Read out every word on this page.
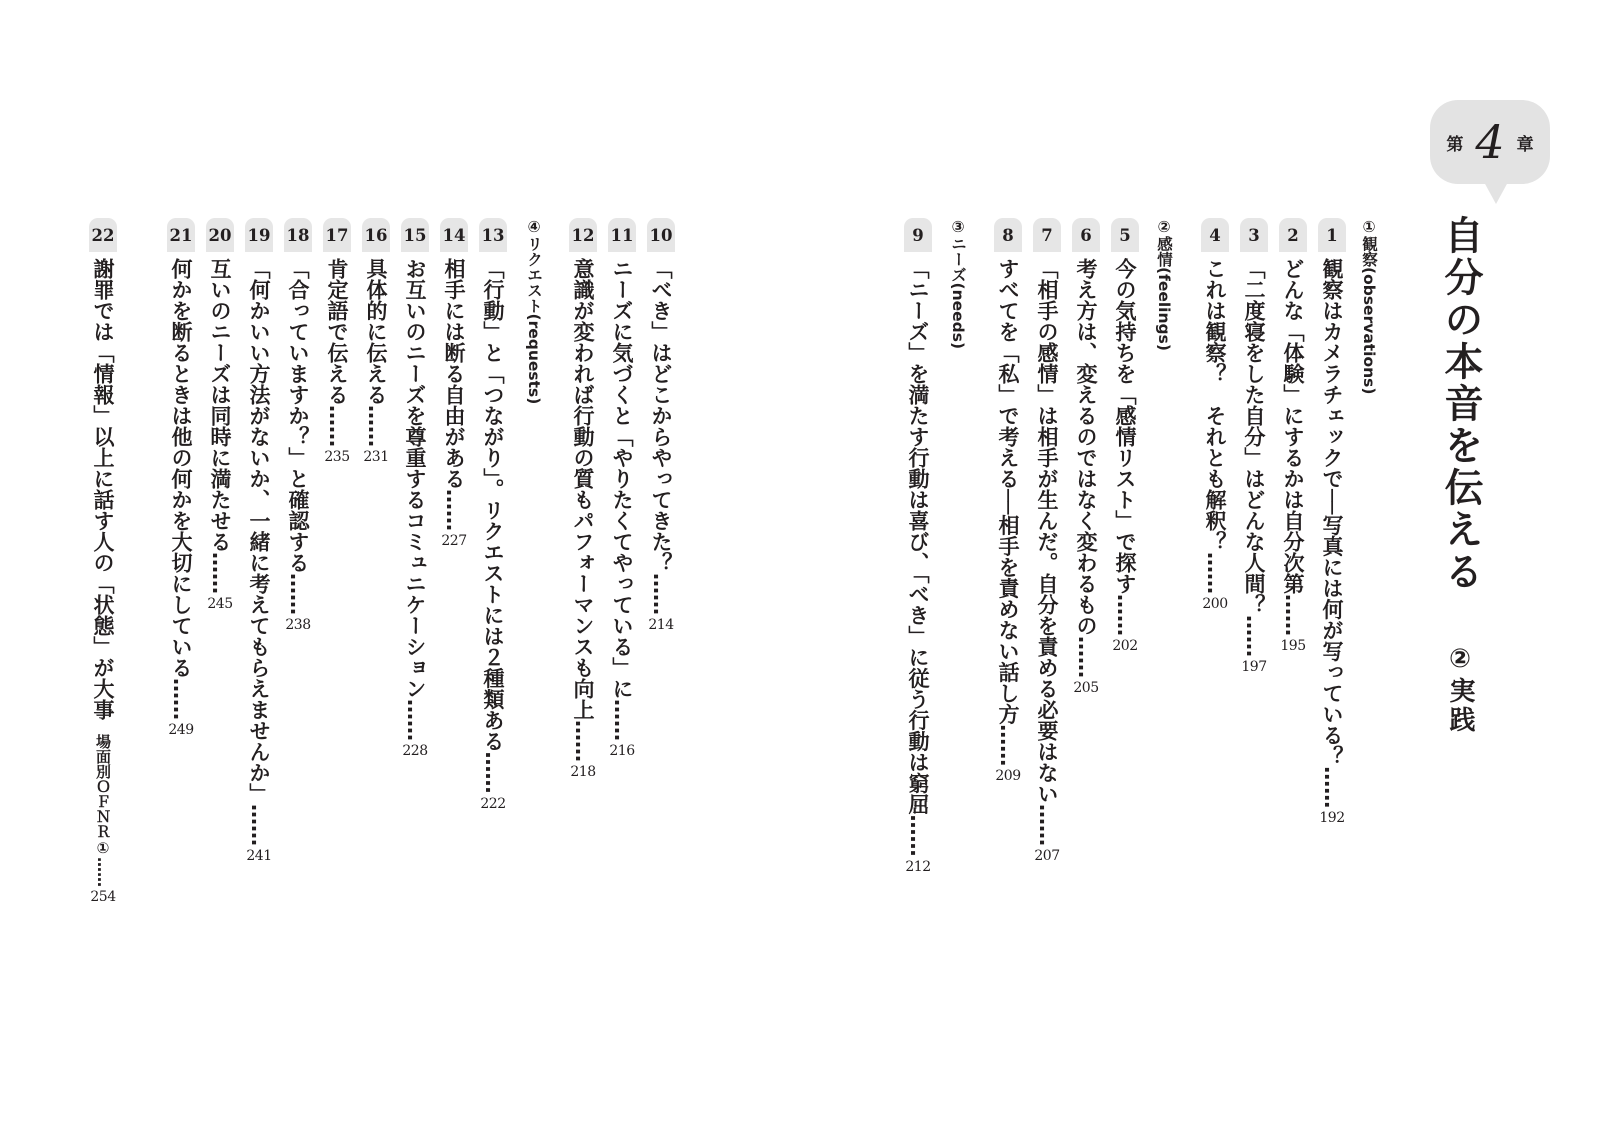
第 4 章
自分の本音を伝える  ②実践
①観察(observations)
②感情(feelings)
③ニーズ(needs)
④リクエスト(requests)	1
観察はカメラチェックで──写真には何が写っている？……
192
2
どんな「体験」にするかは自分次第……
195
3
「二度寝をした自分」はどんな人間？……
197
4
これは観察？　それとも解釈？……
200
5
今の気持ちを「感情リスト」で探す……
202
6
考え方は、変えるのではなく変わるもの……
205
7
「相手の感情」は相手が生んだ。自分を責める必要はない……
207
8
すべてを「私」で考える──相手を責めない話し方……
209
9
「ニーズ」を満たす行動は喜び、「べき」に従う行動は窮屈……
212
10
「べき」はどこからやってきた？……
214
11
ニーズに気づくと「やりたくてやっている」に……
216
12
意識が変われば行動の質もパフォーマンスも向上……
218
13
「行動」と「つながり」。リクエストには２種類ある……
222
14
相手には断る自由がある……
227
15
お互いのニーズを尊重するコミュニケーション……
228
16
具体的に伝える……
231
17
肯定語で伝える……
235
18
「合っていますか？」と確認する……
238
19
「何かいい方法がないか、一緒に考えてもらえませんか」……
241
20
互いのニーズは同時に満たせる……
245
21
何かを断るときは他の何かを大切にしている……
249
22
謝罪では「情報」以上に話す人の「状態」が大事場面別ＯＦＮＲ①……
254
